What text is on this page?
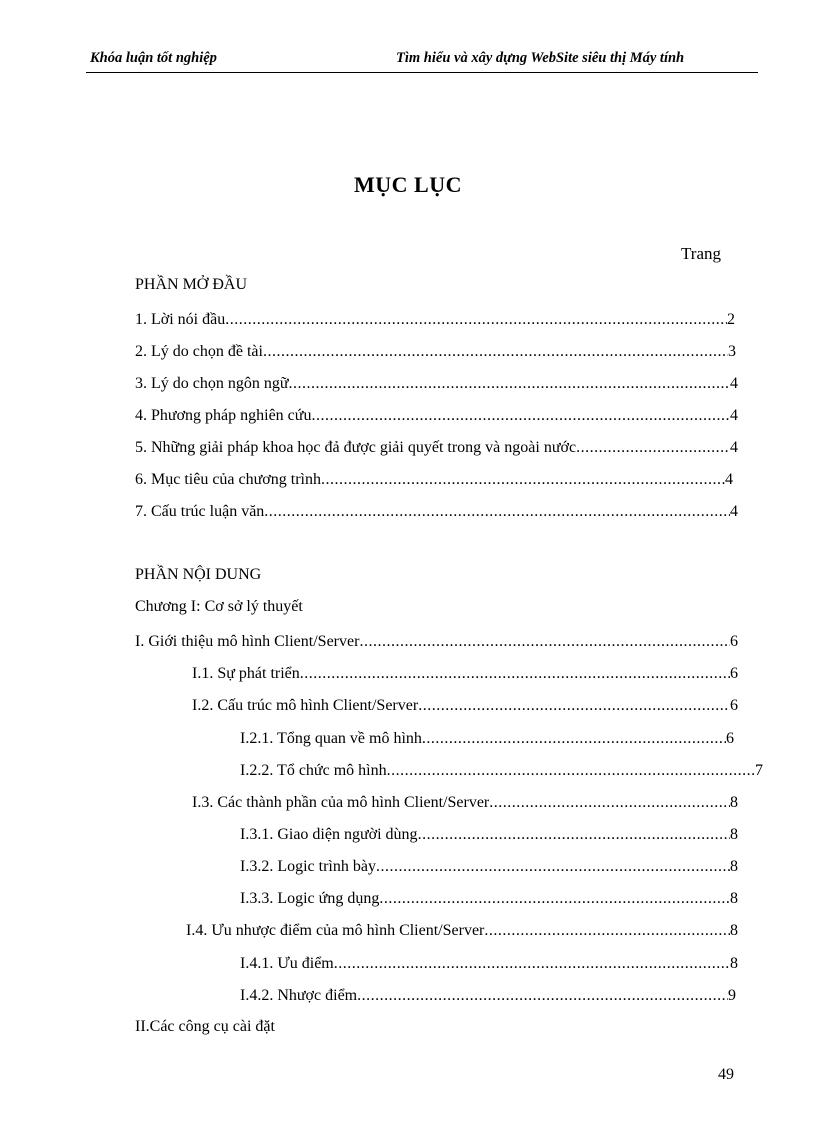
Khóa luận tốt nghiệp	Tìm hiểu và xây dựng WebSite siêu thị Máy tính
MỤC LỤC
Trang
PHẦN MỞ ĐẦU
1. Lời nói đầu .....	2
2. Lý do chọn đề tài .....	3
3. Lý do chọn ngôn ngữ .....	4
4. Phương pháp nghiên cứu .....	4
5. Những giải pháp khoa học đả được giải quyết trong và ngoài nước .....	4
6. Mục tiêu của chương trình .....	4
7. Cấu trúc luận văn .....	4
PHẦN NỘI DUNG
Chương I: Cơ sở lý thuyết
I. Giới thiệu mô hình Client/Server .....	6
I.1. Sự phát triển .....	6
I.2. Cấu trúc mô hình Client/Server .....	6
I.2.1. Tổng quan về mô hình .....	6
I.2.2. Tổ chức mô hình .....	7
I.3. Các thành phần của mô hình Client/Server .....	8
I.3.1. Giao diện người dùng .....	8
I.3.2. Logic trình bày .....	8
I.3.3. Logic ứng dụng .....	8
I.4. Ưu nhược điểm của mô hình Client/Server .....	8
I.4.1. Ưu điểm .....	8
I.4.2. Nhược điểm .....	9
II.Các công cụ cài đặt
49
